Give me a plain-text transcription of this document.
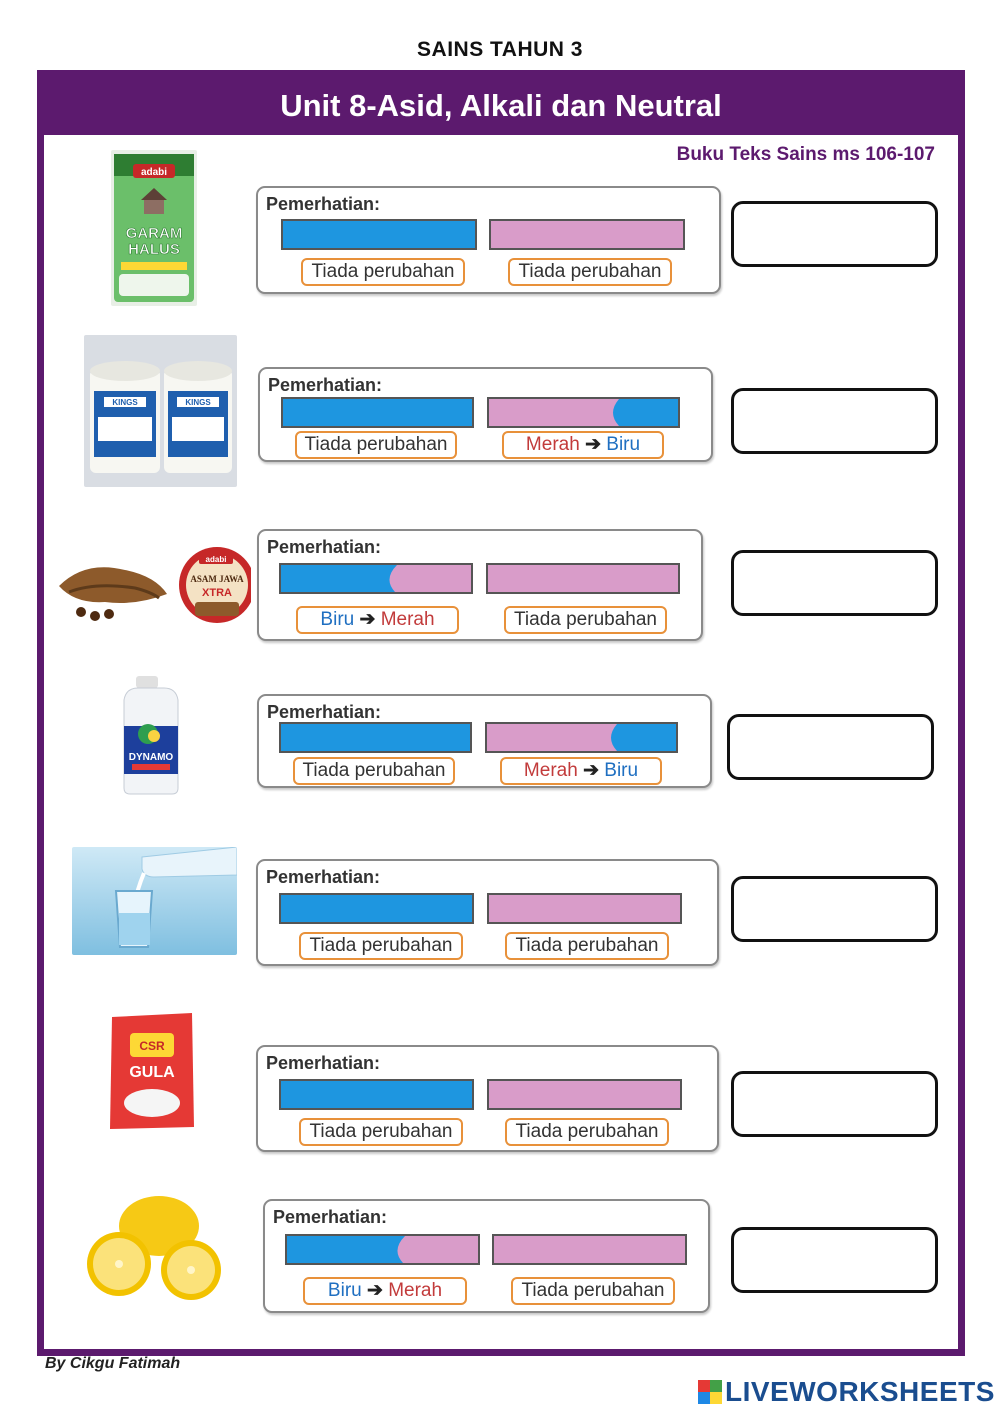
SAINS TAHUN 3
Unit 8-Asid, Alkali dan Neutral
Buku Teks Sains ms 106-107
adabi
GARAM
HALUS
Pemerhatian:
Tiada perubahan	Tiada perubahan
KINGS	KINGS
Pemerhatian:
Tiada perubahan	Merah ➔ Biru
adabi
ASAM JAWA
XTRA
Pemerhatian:
Biru ➔ Merah	Tiada perubahan
DYNAMO
Pemerhatian:
Tiada perubahan	Merah ➔ Biru
Pemerhatian:
Tiada perubahan	Tiada perubahan
CSR
GULA	Pemerhatian:
Tiada perubahan	Tiada perubahan
Pemerhatian:
Biru ➔ Merah	Tiada perubahan
By Cikgu Fatimah
LIVEWORKSHEETS
